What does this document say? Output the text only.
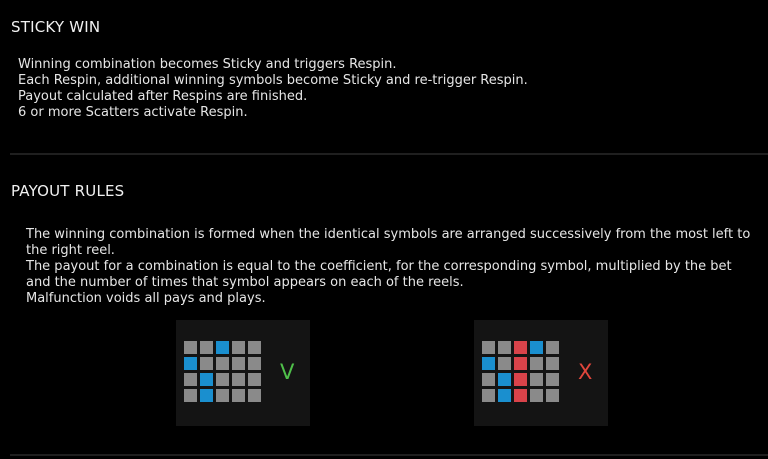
STICKY WIN

Winning combination becomes Sticky and triggers Respin.

Each Respin, additional winning symbols become Sticky and re-trigger Respin.

Payout calculated after Respins are finished.

6 or more Scatters activate Respin.

PAYOUT RULES

The winning combination is formed when the identical symbols are arranged successively from the most left to the right reel.

The payout for a combination is equal to the coefficient, for the corresponding symbol, multiplied by the bet and the number of times that symbol appears on each of the reels.

Malfunction voids all pays and plays.

V	X
